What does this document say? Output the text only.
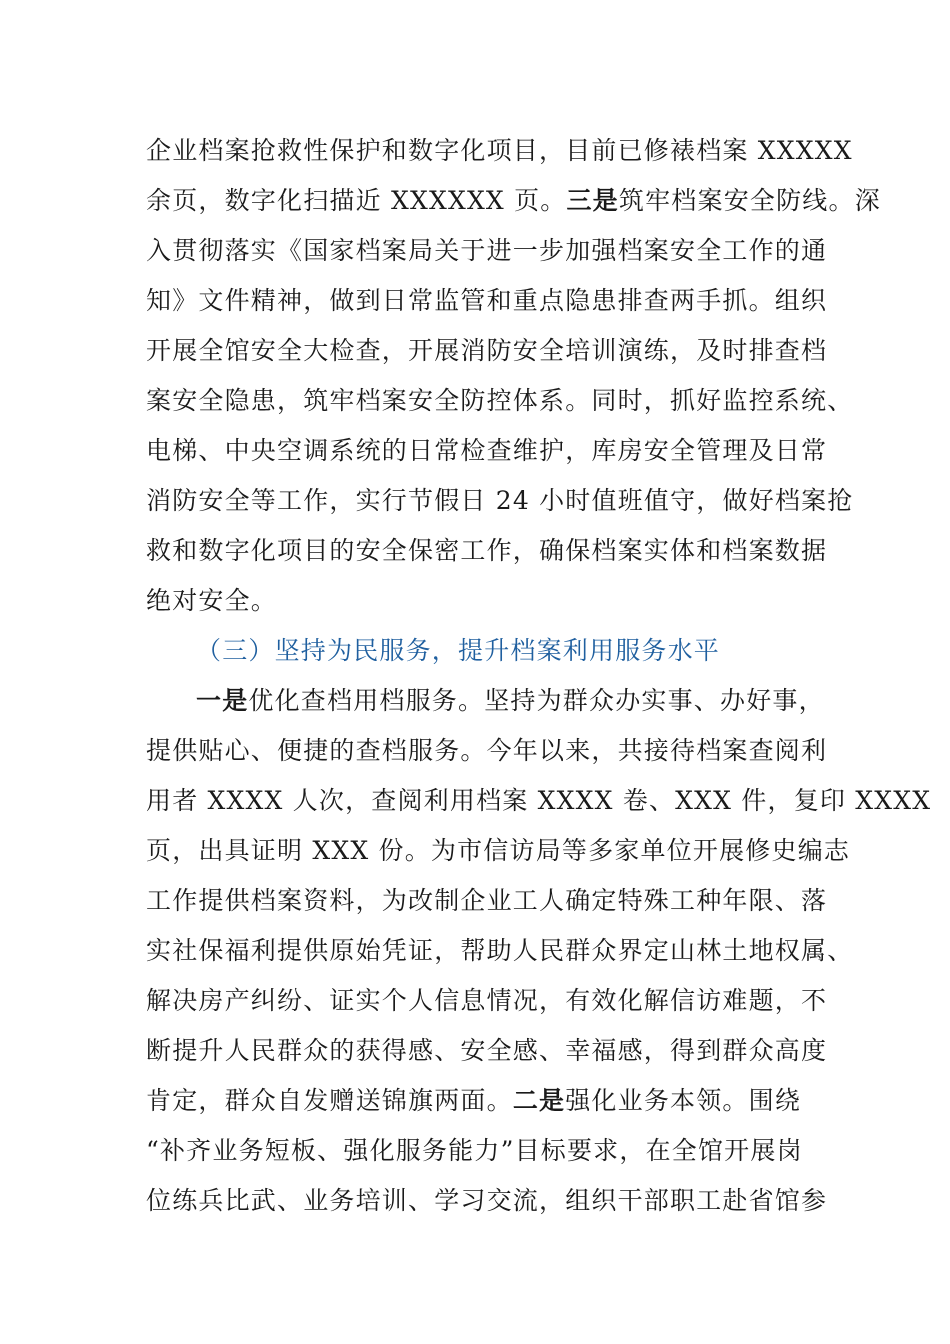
企业档案抢救性保护和数字化项目，目前已修裱档案 XXXXX
余页，数字化扫描近 XXXXXX 页。三是筑牢档案安全防线。深
入贯彻落实《国家档案局关于进一步加强档案安全工作的通
知》文件精神，做到日常监管和重点隐患排查两手抓。组织
开展全馆安全大检查，开展消防安全培训演练，及时排查档
案安全隐患，筑牢档案安全防控体系。同时，抓好监控系统、
电梯、中央空调系统的日常检查维护，库房安全管理及日常
消防安全等工作，实行节假日 24 小时值班值守，做好档案抢
救和数字化项目的安全保密工作，确保档案实体和档案数据
绝对安全。
（三）坚持为民服务，提升档案利用服务水平
一是优化查档用档服务。坚持为群众办实事、办好事，
提供贴心、便捷的查档服务。今年以来，共接待档案查阅利
用者 XXXX 人次，查阅利用档案 XXXX 卷、XXX 件，复印 XXXX
页，出具证明 XXX 份。为市信访局等多家单位开展修史编志
工作提供档案资料，为改制企业工人确定特殊工种年限、落
实社保福利提供原始凭证，帮助人民群众界定山林土地权属、
解决房产纠纷、证实个人信息情况，有效化解信访难题，不
断提升人民群众的获得感、安全感、幸福感，得到群众高度
肯定，群众自发赠送锦旗两面。二是强化业务本领。围绕
“补齐业务短板、强化服务能力”目标要求，在全馆开展岗
位练兵比武、业务培训、学习交流，组织干部职工赴省馆参
